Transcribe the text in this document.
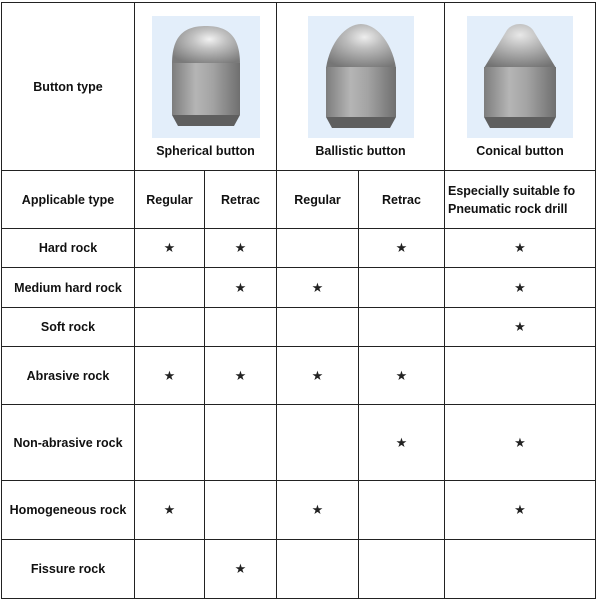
Button type	Spherical button		Ballistic button		Conical button

Applicable type	Regular	Retrac	Regular	Retrac	Especially suitable fo
Pneumatic rock drill
Hard rock	★	★		★	★
Medium hard rock		★	★		★
Soft rock					★
Abrasive rock	★	★	★	★	
Non-abrasive rock				★	★
Homogeneous rock	★		★		★
Fissure rock		★			
